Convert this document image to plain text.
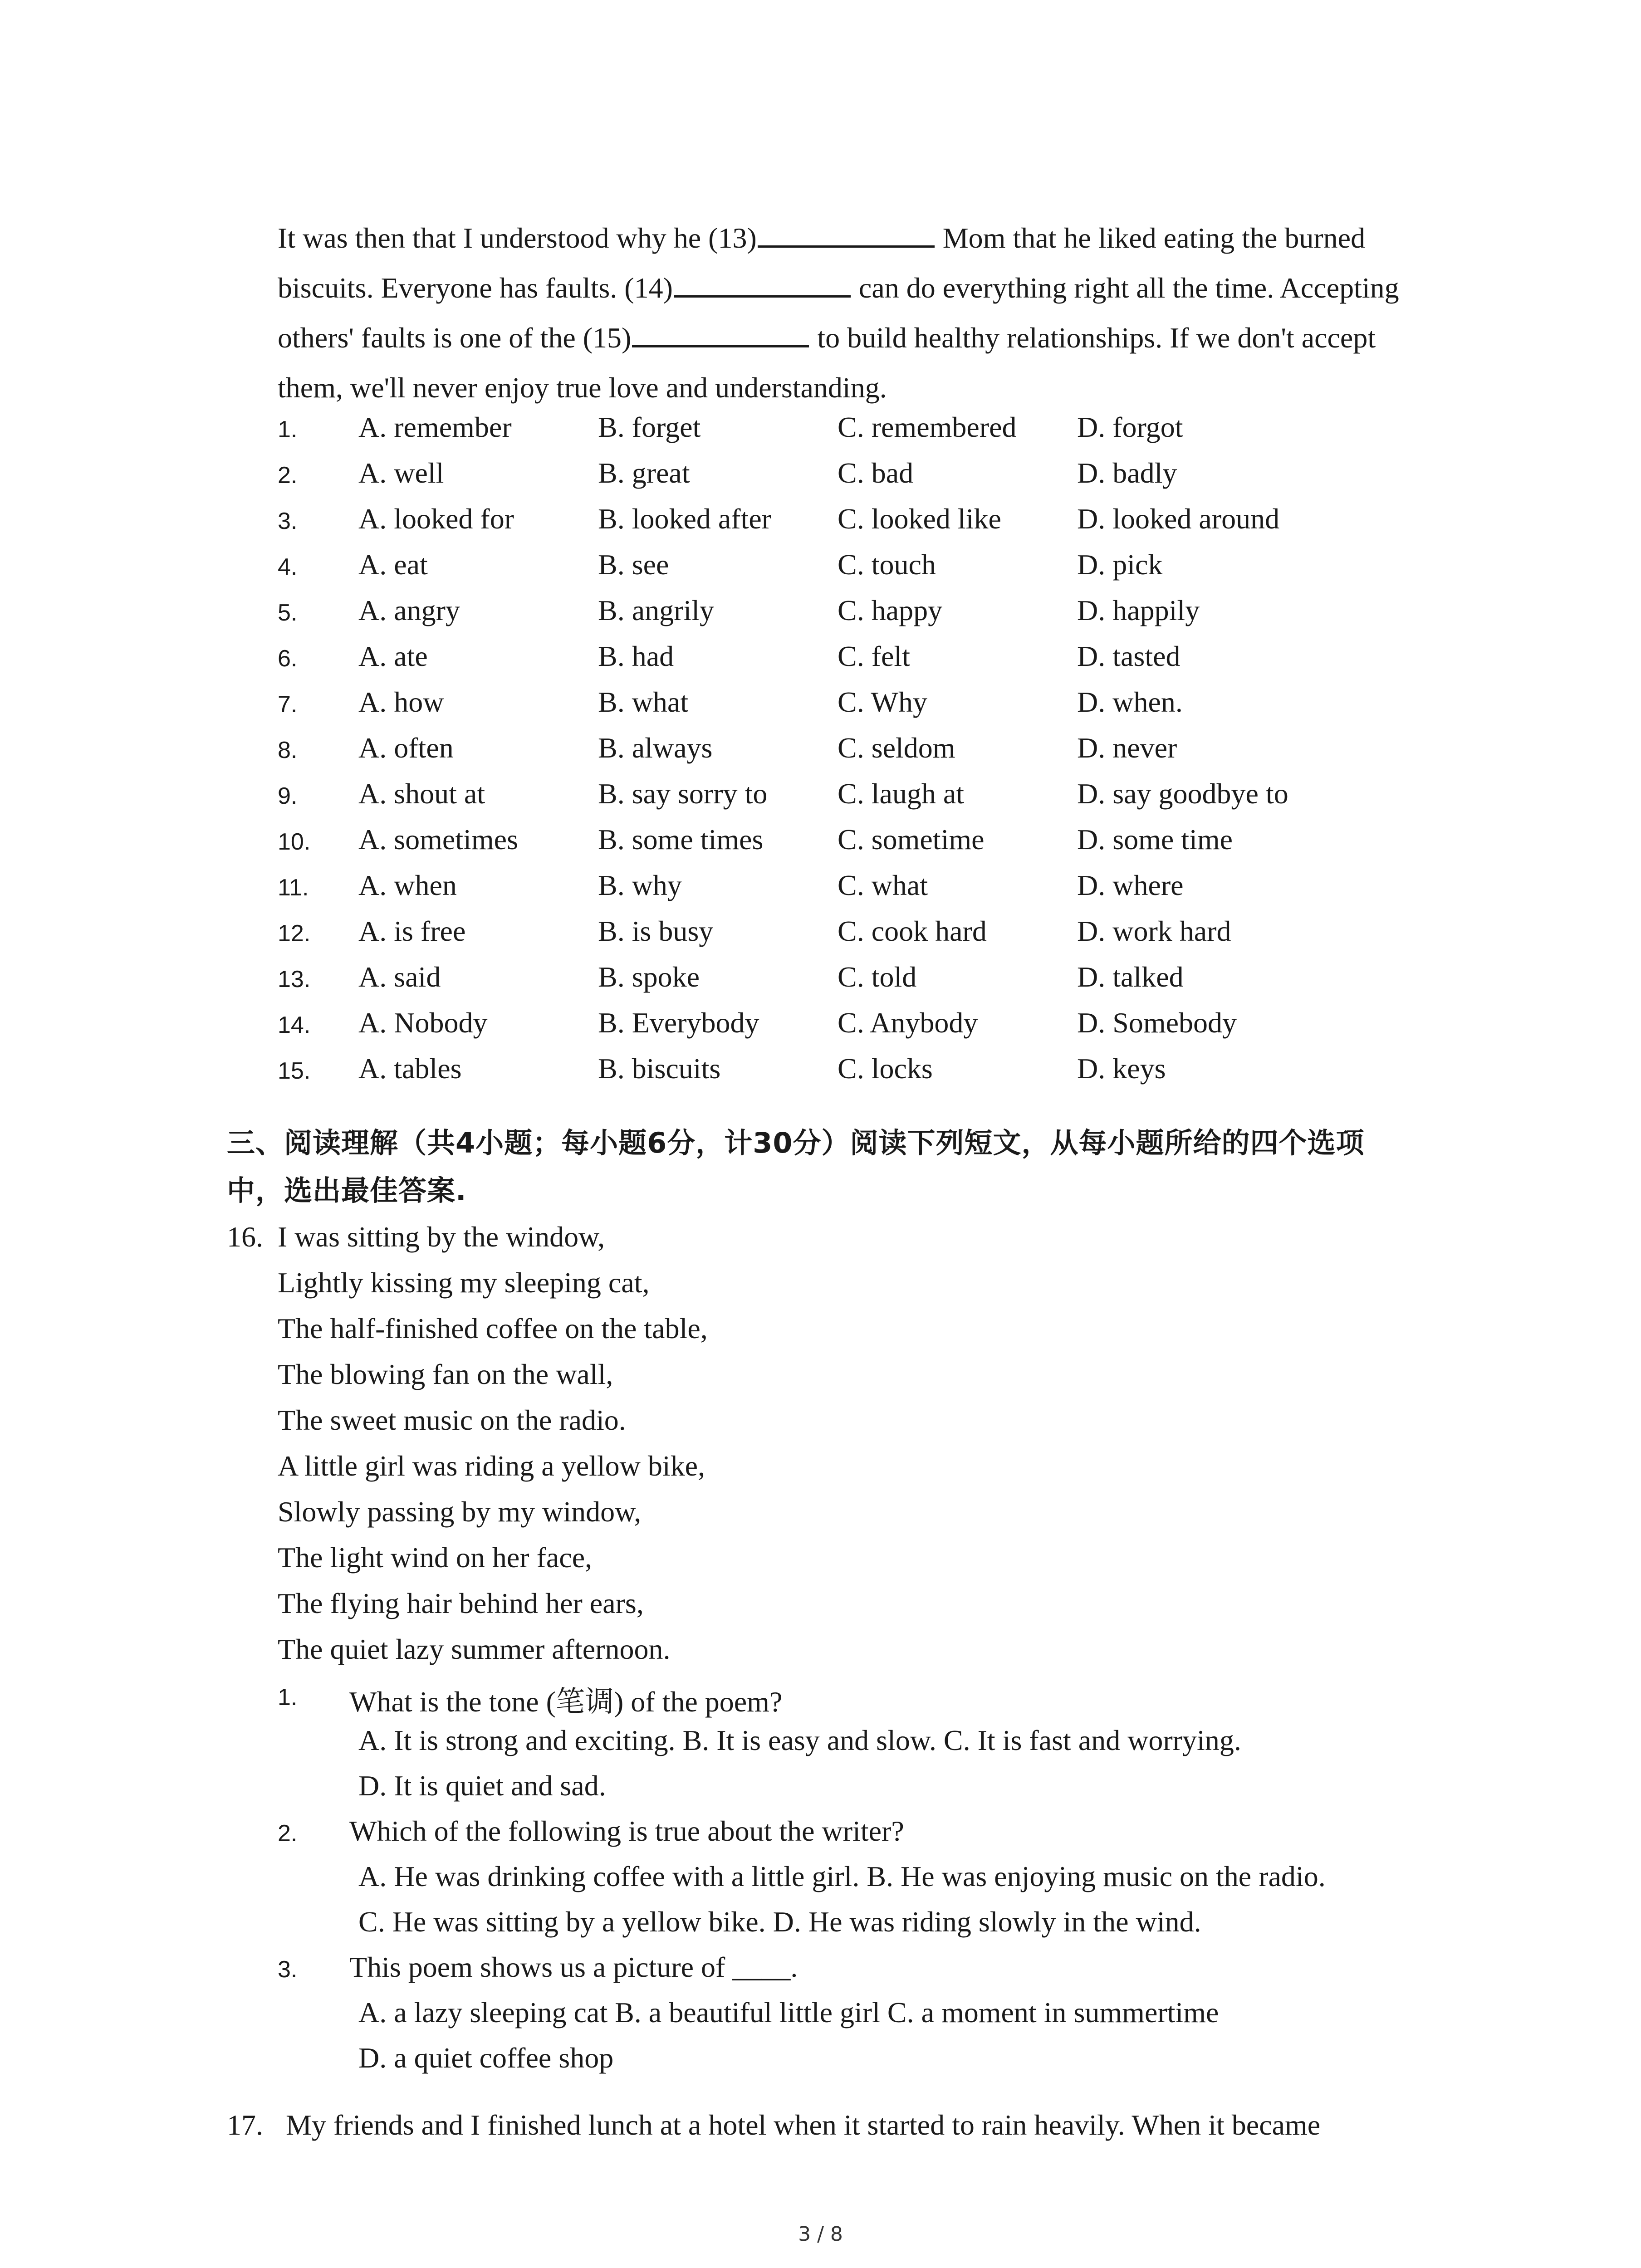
It was then that I understood why he (13)	Mom that he liked eating the burned
biscuits. Everyone has faults. (14)	can do everything right all the time. Accepting
others' faults is one of the (15)	to build healthy relationships. If we don't accept
them, we'll never enjoy true love and understanding.
1. A. remember	B. forget	C. remembered D. forgot
2. A. well	B. great	C. bad	D. badly
3. A. looked for	B. looked after C. looked like	D. looked around
4. A. eat	B. see	C. touch	D. pick
5. A. angry	B. angrily	C. happy	D. happily
6. A. ate	B. had	C. felt	D. tasted
7. A. how	B. what	C. Why	D. when.
8. A. often	B. always	C. seldom	D. never
9. A. shout at	B. say sorry to C. laugh at	D. say goodbye to
10. A. sometimes	B. some times	C. sometime	D. some time
11. A. when	B. why	C. what	D. where
12. A. is free	B. is busy	C. cook hard	D. work hard
13. A. said	B. spoke	C. told	D. talked
14. A. Nobody	B. Everybody	C. Anybody	D. Somebody
15. A. tables	B. biscuits	C. locks	D. keys
三、阅读理解（共4小题；每小题6分，计30分）阅读下列短文，从每小题所给的四个选项
中，选出最佳答案.
16. I was sitting by the window,
Lightly kissing my sleeping cat,
The half-finished coffee on the table,
The blowing fan on the wall,
The sweet music on the radio.
A little girl was riding a yellow bike,
Slowly passing by my window,
The light wind on her face,
The flying hair behind her ears,
The quiet lazy summer afternoon.
1. What is the tone (笔调) of the poem?
A. It is strong and exciting. B. It is easy and slow. C. It is fast and worrying.
D. It is quiet and sad.
2. Which of the following is true about the writer?
A. He was drinking coffee with a little girl. B. He was enjoying music on the radio.
C. He was sitting by a yellow bike. D. He was riding slowly in the wind.
3. This poem shows us a picture of ____.
A. a lazy sleeping cat B. a beautiful little girl C. a moment in summertime
D. a quiet coffee shop
17. My friends and I finished lunch at a hotel when it started to rain heavily. When it became
3 / 8
